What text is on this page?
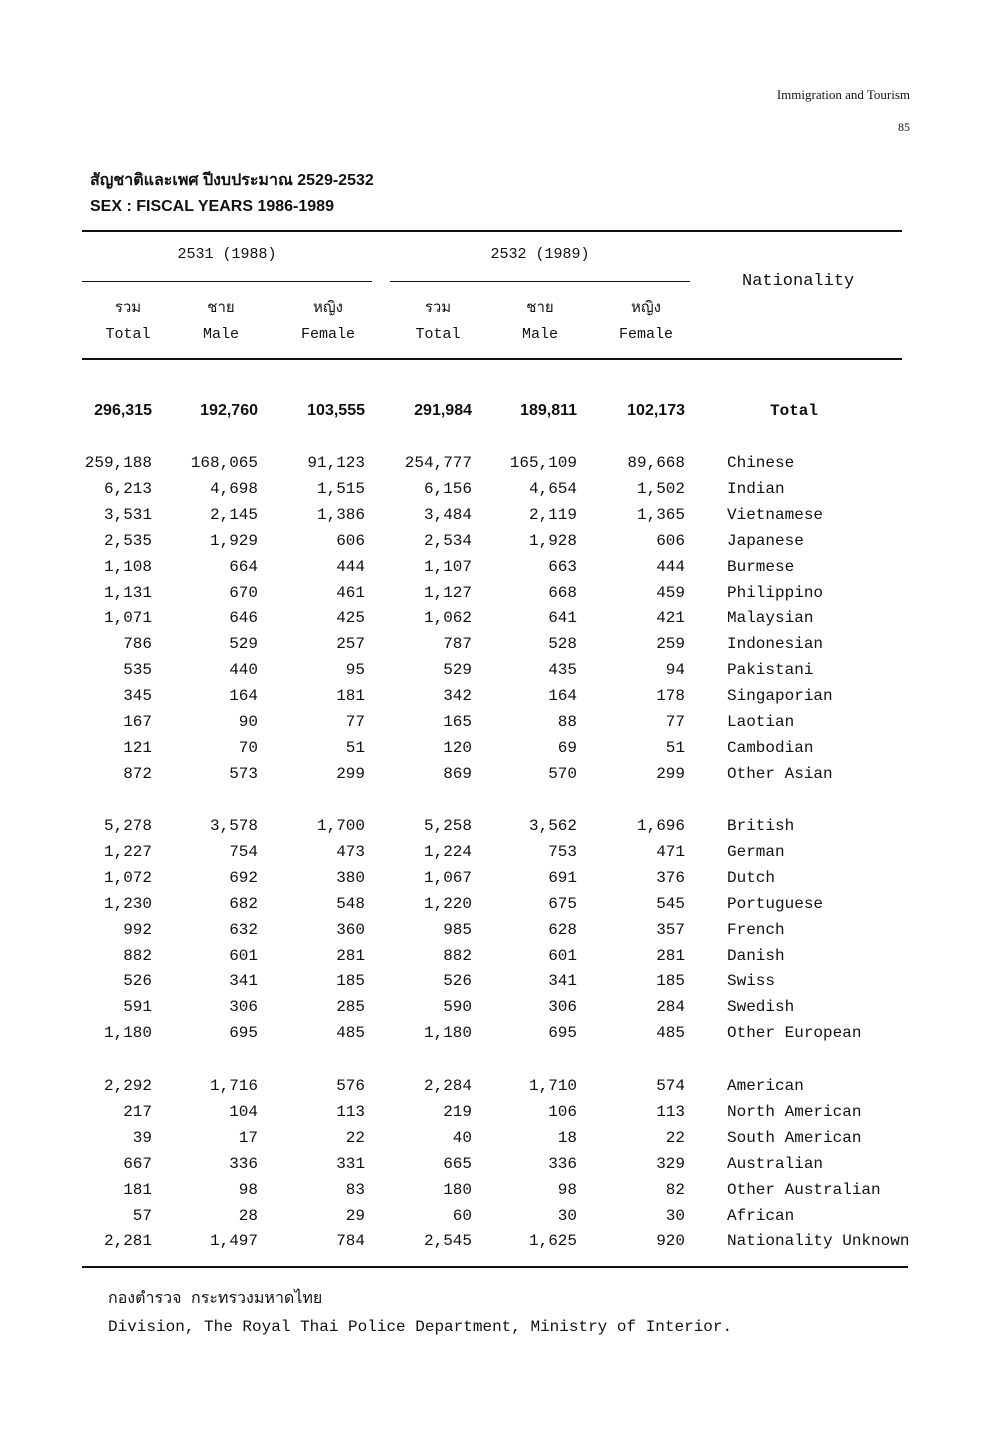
Immigration and Tourism
85
สัญชาติและเพศ ปีงบประมาณ 2529-2532
SEX : FISCAL YEARS 1986-1989
2531 (1988)	2532 (1989)
Nationality
รวม
Total
ชาย
Male
หญิง
Female
รวม
Total
ชาย
Male
หญิง
Female
296,315	192,760	103,555	291,984	189,811	102,173	Total
259,188	168,065	91,123	254,777	165,109	89,668	Chinese
6,213	4,698	1,515	6,156	4,654	1,502	Indian
3,531	2,145	1,386	3,484	2,119	1,365	Vietnamese
2,535	1,929	606	2,534	1,928	606	Japanese
1,108	664	444	1,107	663	444	Burmese
1,131	670	461	1,127	668	459	Philippino
1,071	646	425	1,062	641	421	Malaysian
786	529	257	787	528	259	Indonesian
535	440	95	529	435	94	Pakistani
345	164	181	342	164	178	Singaporian
167	90	77	165	88	77	Laotian
121	70	51	120	69	51	Cambodian
872	573	299	869	570	299	Other Asian
5,278	3,578	1,700	5,258	3,562	1,696	British
1,227	754	473	1,224	753	471	German
1,072	692	380	1,067	691	376	Dutch
1,230	682	548	1,220	675	545	Portuguese
992	632	360	985	628	357	French
882	601	281	882	601	281	Danish
526	341	185	526	341	185	Swiss
591	306	285	590	306	284	Swedish
1,180	695	485	1,180	695	485	Other European
2,292	1,716	576	2,284	1,710	574	American
217	104	113	219	106	113	North American
39	17	22	40	18	22	South American
667	336	331	665	336	329	Australian
181	98	83	180	98	82	Other Australian
57	28	29	60	30	30	African
2,281	1,497	784	2,545	1,625	920	Nationality Unknown
กองตำรวจ กระทรวงมหาดไทย
Division, The Royal Thai Police Department, Ministry of Interior.
